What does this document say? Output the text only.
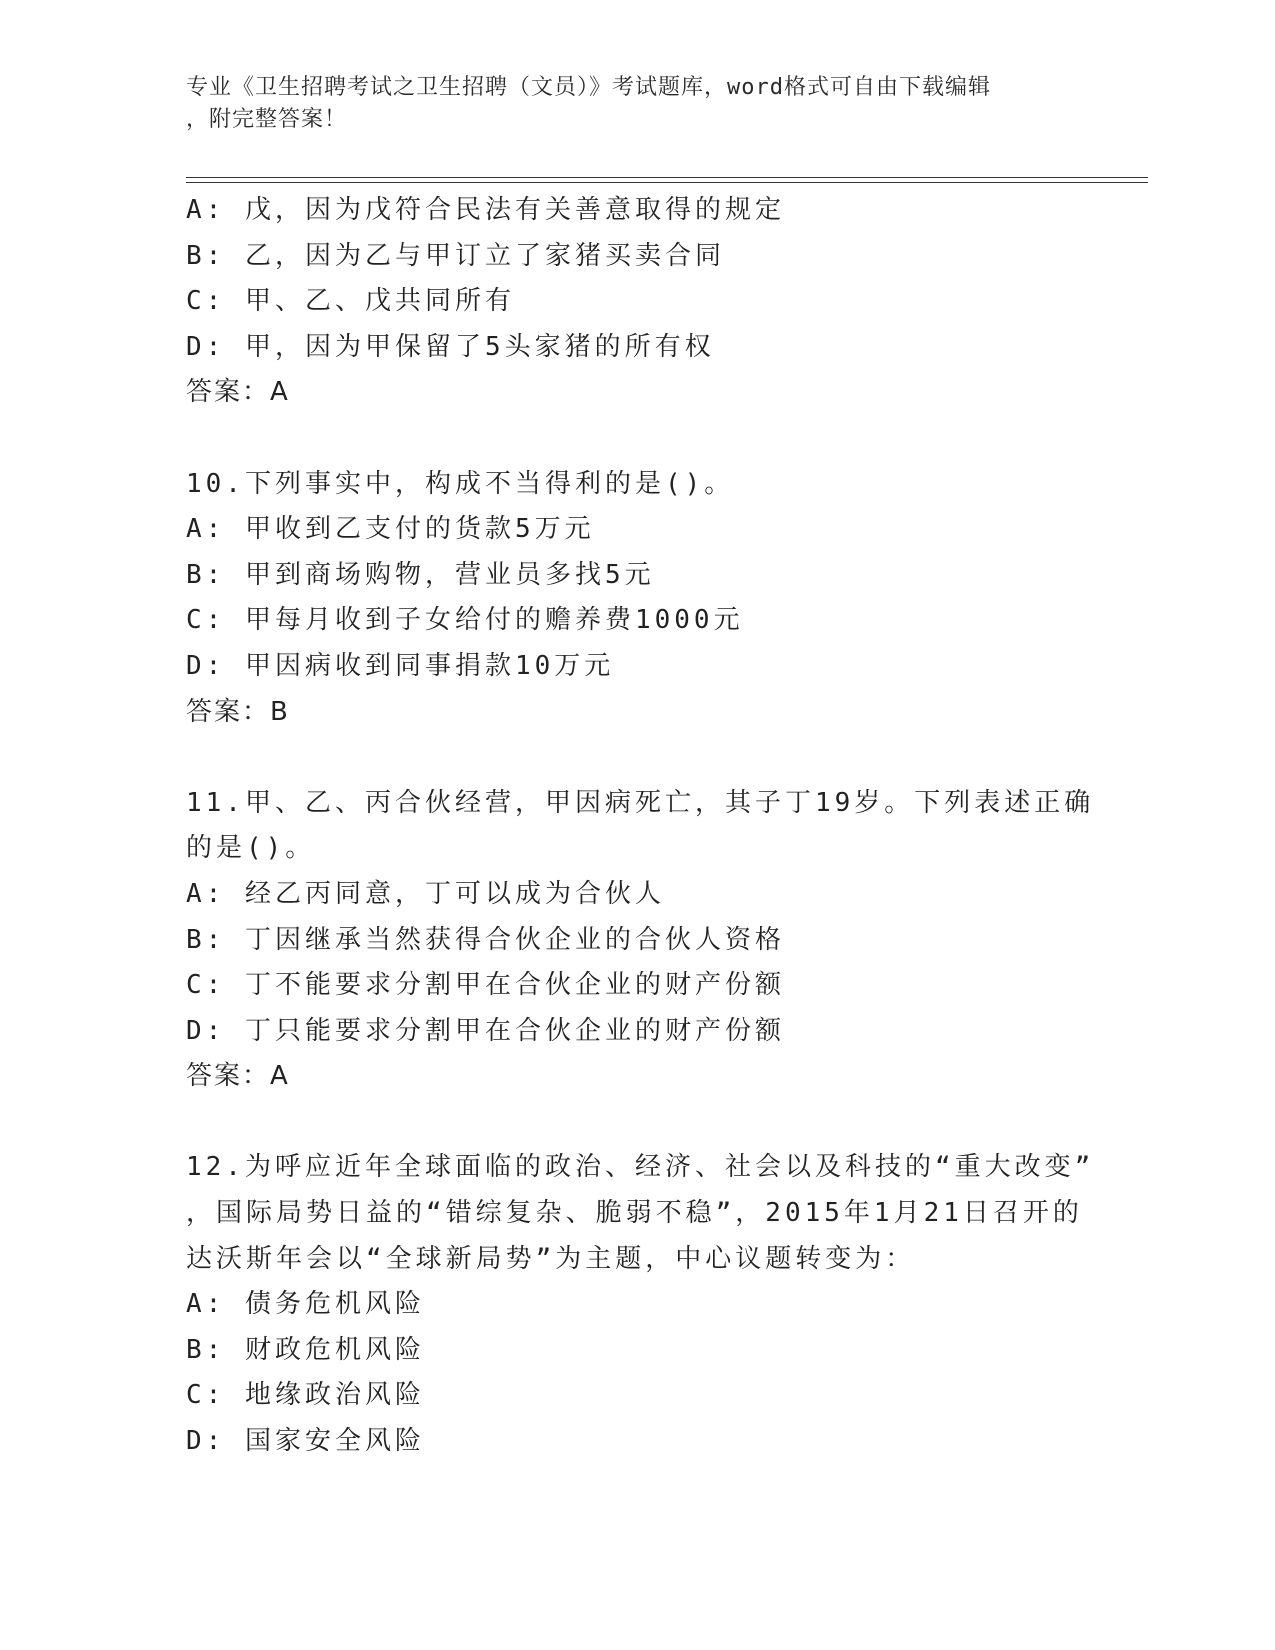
专业《卫生招聘考试之卫生招聘（文员）》考试题库，word格式可自由下载编辑
，附完整答案！
A: 戊，因为戊符合民法有关善意取得的规定
B: 乙，因为乙与甲订立了家猪买卖合同
C: 甲、乙、戊共同所有
D: 甲，因为甲保留了5头家猪的所有权
答案：A
10.下列事实中，构成不当得利的是()。
A: 甲收到乙支付的货款5万元
B: 甲到商场购物，营业员多找5元
C: 甲每月收到子女给付的赡养费1000元
D: 甲因病收到同事捐款10万元
答案：B
11.甲、乙、丙合伙经营，甲因病死亡，其子丁19岁。下列表述正确
的是()。
A: 经乙丙同意，丁可以成为合伙人
B: 丁因继承当然获得合伙企业的合伙人资格
C: 丁不能要求分割甲在合伙企业的财产份额
D: 丁只能要求分割甲在合伙企业的财产份额
答案：A
12.为呼应近年全球面临的政治、经济、社会以及科技的“重大改变”
，国际局势日益的“错综复杂、脆弱不稳”，2015年1月21日召开的
达沃斯年会以“全球新局势”为主题，中心议题转变为：
A: 债务危机风险
B: 财政危机风险
C: 地缘政治风险
D: 国家安全风险
